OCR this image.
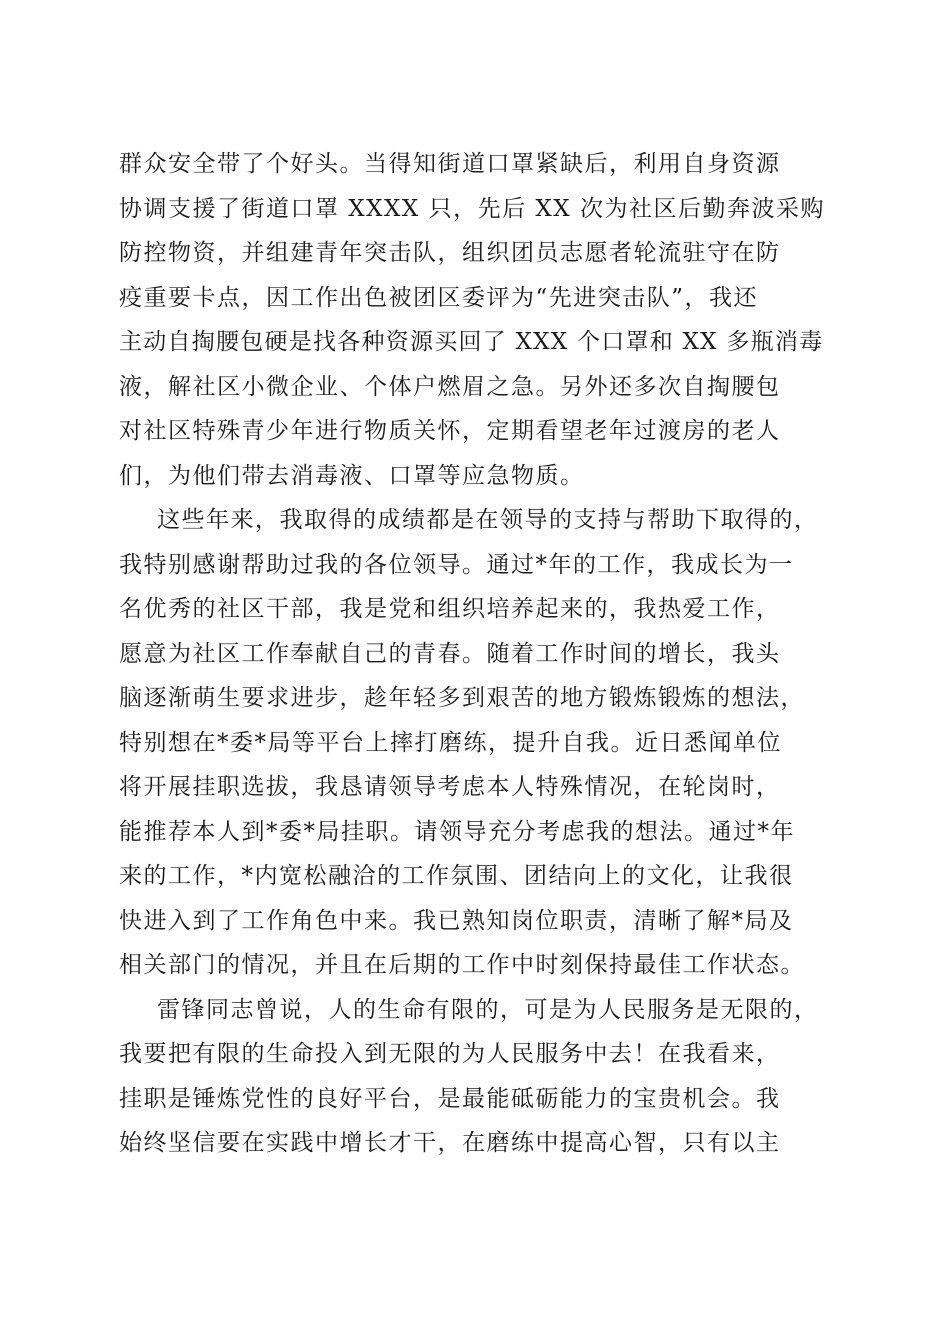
群众安全带了个好头。当得知街道口罩紧缺后，利用自身资源
协调支援了街道口罩 XXXX 只，先后 XX 次为社区后勤奔波采购
防控物资，并组建青年突击队，组织团员志愿者轮流驻守在防
疫重要卡点，因工作出色被团区委评为“先进突击队”，我还
主动自掏腰包硬是找各种资源买回了 XXX 个口罩和 XX 多瓶消毒
液，解社区小微企业、个体户燃眉之急。另外还多次自掏腰包
对社区特殊青少年进行物质关怀，定期看望老年过渡房的老人
们，为他们带去消毒液、口罩等应急物质。
这些年来，我取得的成绩都是在领导的支持与帮助下取得的，
我特别感谢帮助过我的各位领导。通过*年的工作，我成长为一
名优秀的社区干部，我是党和组织培养起来的，我热爱工作，
愿意为社区工作奉献自己的青春。随着工作时间的增长，我头
脑逐渐萌生要求进步，趁年轻多到艰苦的地方锻炼锻炼的想法，
特别想在*委*局等平台上摔打磨练，提升自我。近日悉闻单位
将开展挂职选拔，我恳请领导考虑本人特殊情况，在轮岗时，
能推荐本人到*委*局挂职。请领导充分考虑我的想法。通过*年
来的工作，*内宽松融洽的工作氛围、团结向上的文化，让我很
快进入到了工作角色中来。我已熟知岗位职责，清晰了解*局及
相关部门的情况，并且在后期的工作中时刻保持最佳工作状态。
雷锋同志曾说，人的生命有限的，可是为人民服务是无限的，
我要把有限的生命投入到无限的为人民服务中去！在我看来，
挂职是锤炼党性的良好平台，是最能砥砺能力的宝贵机会。我
始终坚信要在实践中增长才干，在磨练中提高心智，只有以主
